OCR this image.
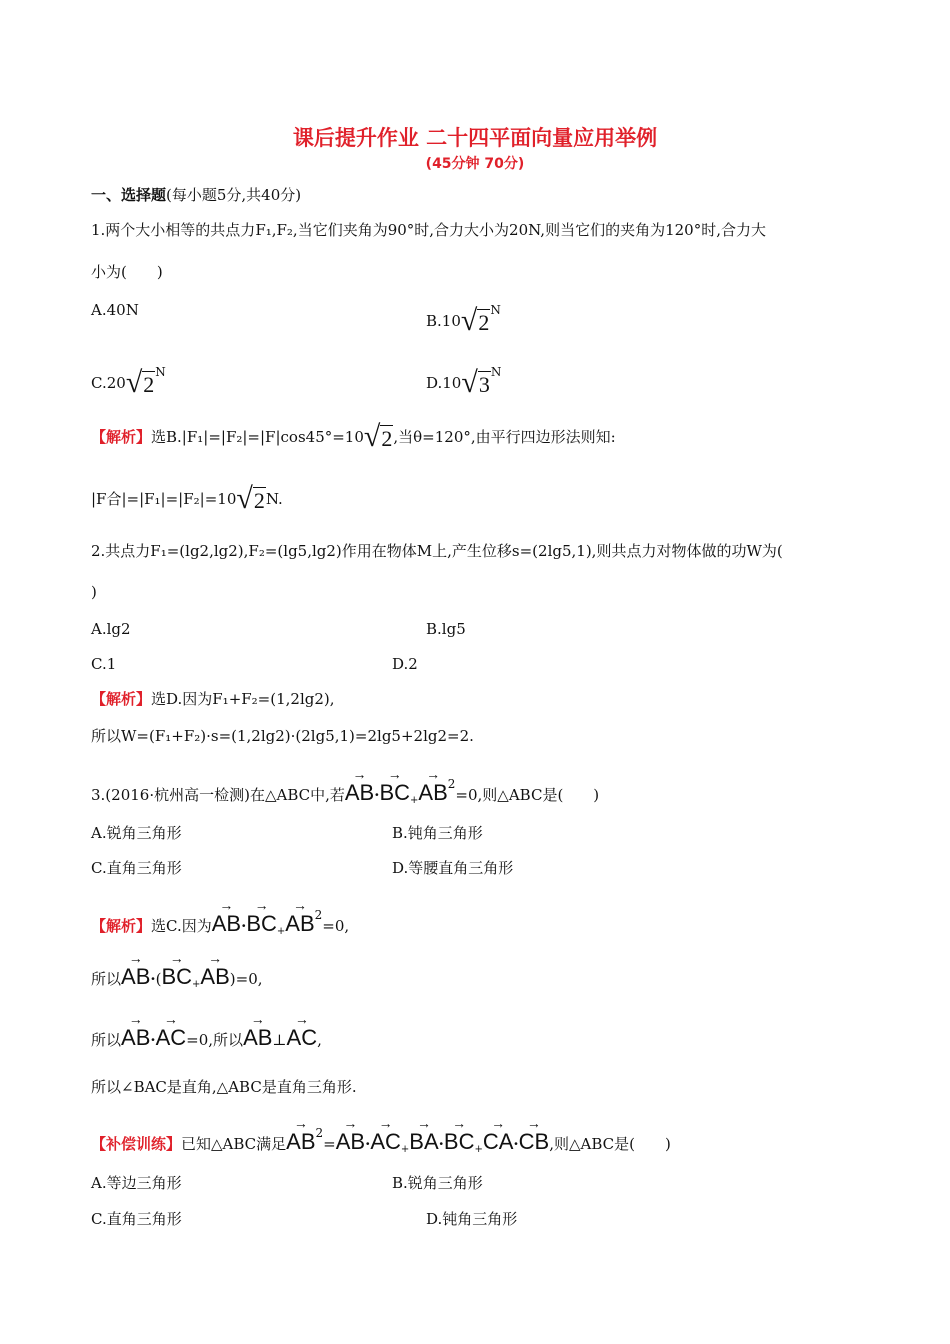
课后提升作业 二十四平面向量应用举例
(45分钟 70分)
一、选择题(每小题5分,共40分)
1.两个大小相等的共点力F₁,F₂,当它们夹角为90°时,合力大小为20N,则当它们的夹角为120°时,合力大
小为(　　)
A.40N
$B.10√2^N$
$C.20√2^N$
$D.10√3^N$
【解析】选B.|F₁|=|F₂|=|F|cos45°=10√2,当θ=120°,由平行四边形法则知:
|F合|=|F₁|=|F₂|=10√2N.
2.共点力F₁=(lg2,lg2),F₂=(lg5,lg2)作用在物体M上,产生位移s=(2lg5,1),则共点力对物体做的功W为(
)
A.lg2	B.lg5
C.1	D.2
【解析】选D.因为F₁+F₂=(1,2lg2),
所以W=(F₁+F₂)·s=(1,2lg2)·(2lg5,1)=2lg5+2lg2=2.
3.(2016·杭州高一检测)在△ABC中,若→ $AB\cdot\to BC_+\to AB^2=0$,则△ABC是(　　)
A.锐角三角形	B.钝角三角形
C.直角三角形	D.等腰直角三角形
【解析】选C.因为→ $AB\cdot\to BC_+\to AB^2=0$,
所以→ $AB\cdot(\to BC_+\to AB)=0$,
所以→ AB·→ AC=0,所以→ AB⊥→ AC,
所以∠BAC是直角,△ABC是直角三角形.
【补偿训练】已知△ABC满足→ $AB^2=\to AB\cdot\to AC_+\to BA\cdot\to BC_+\to CA\cdot\to$ CB,则△ABC是(　　)
A.等边三角形	B.锐角三角形
C.直角三角形	D.钝角三角形
